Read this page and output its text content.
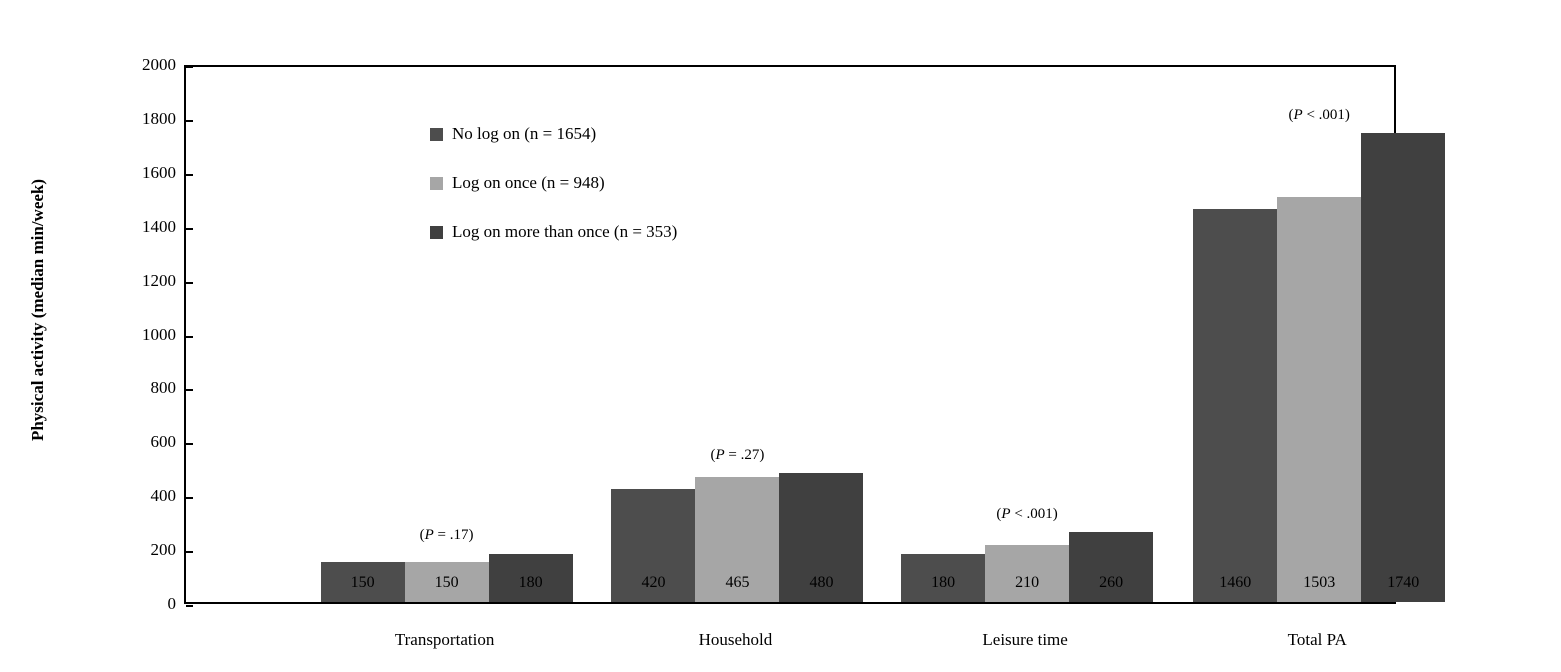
Physical activity (median min/week)
2000
1800
1600
1400
1200
1000
800
600
400
200
0
150	150	180	420	465	480	180	210	260	1460	1503	1740
(P = .17)
(P = .27)
(P < .001)
(P < .001)
Transportation	Household	Leisure time	Total PA
No log on (n = 1654)
Log on once (n = 948)
Log on more than once (n = 353)
